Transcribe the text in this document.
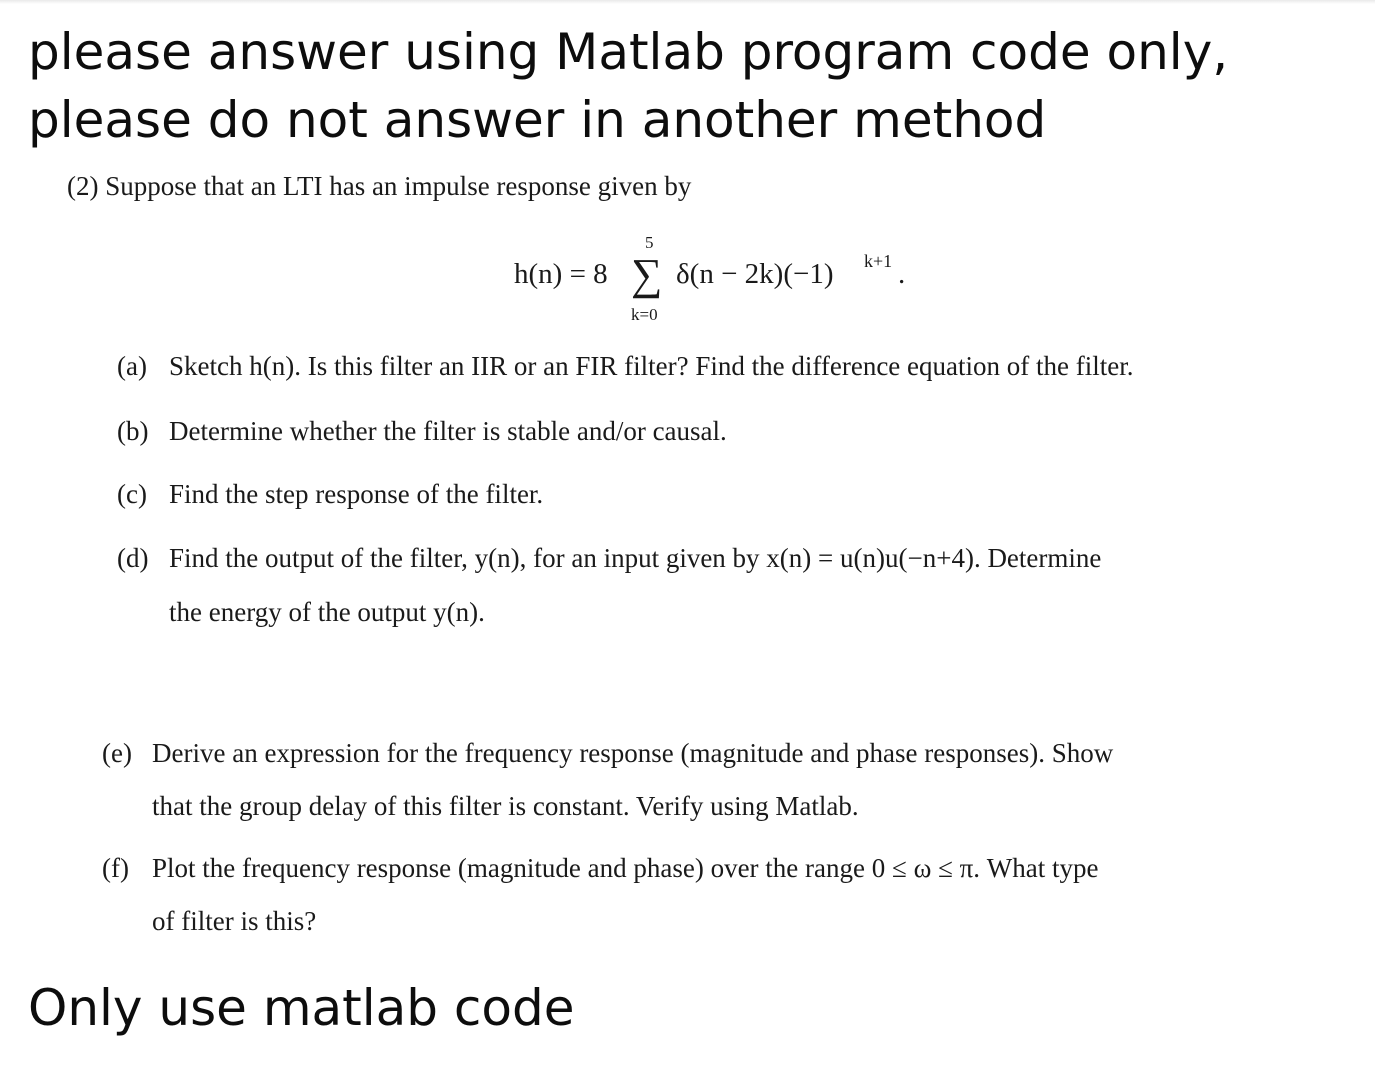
please answer using Matlab program code only,
please do not answer in another method
(2) Suppose that an LTI has an impulse response given by
h(n) = 8
5
∑
k=0
δ(n − 2k)(−1) k+1 .
(a) Sketch h(n). Is this filter an IIR or an FIR filter? Find the difference equation of the filter.
(b) Determine whether the filter is stable and/or causal.
(c) Find the step response of the filter.
(d) Find the output of the filter, y(n), for an input given by x(n) = u(n)u(−n+4). Determine
the energy of the output y(n).
(e) Derive an expression for the frequency response (magnitude and phase responses). Show
that the group delay of this filter is constant. Verify using Matlab.
(f) Plot the frequency response (magnitude and phase) over the range 0 ≤ ω ≤ π. What type
of filter is this?
Only use matlab code
